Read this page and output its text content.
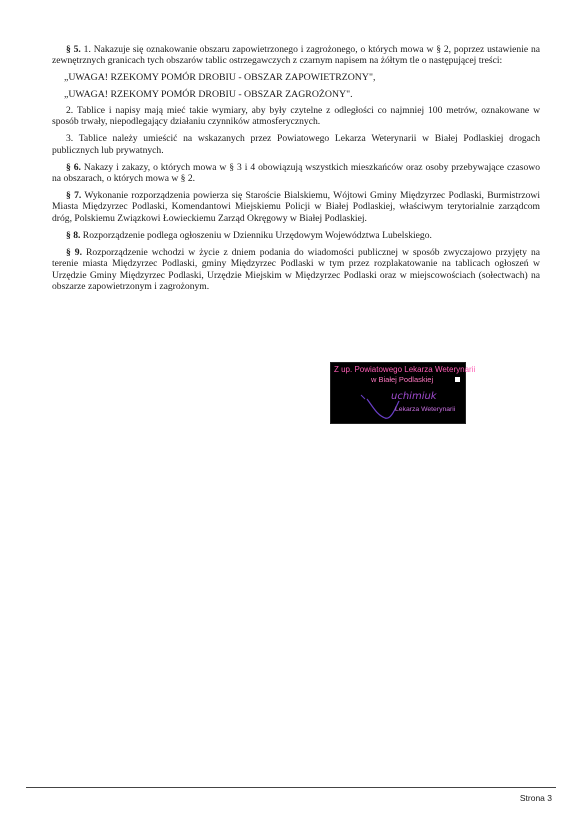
§ 5. 1. Nakazuje się oznakowanie obszaru zapowietrzonego i zagrożonego, o których mowa w § 2, poprzez ustawienie na zewnętrznych granicach tych obszarów tablic ostrzegawczych z czarnym napisem na żółtym tle o następującej treści:

„UWAGA! RZEKOMY POMÓR DROBIU - OBSZAR ZAPOWIETRZONY",

„UWAGA! RZEKOMY POMÓR DROBIU - OBSZAR ZAGROŻONY".

2. Tablice i napisy mają mieć takie wymiary, aby były czytelne z odległości co najmniej 100 metrów, oznakowane w sposób trwały, niepodlegający działaniu czynników atmosferycznych.

3. Tablice należy umieścić na wskazanych przez Powiatowego Lekarza Weterynarii w Białej Podlaskiej drogach publicznych lub prywatnych.

§ 6. Nakazy i zakazy, o których mowa w § 3 i 4 obowiązują wszystkich mieszkańców oraz osoby przebywające czasowo na obszarach, o których mowa w § 2.

§ 7. Wykonanie rozporządzenia powierza się Staroście Bialskiemu, Wójtowi Gminy Międzyrzec Podlaski, Burmistrzowi Miasta Międzyrzec Podlaski, Komendantowi Miejskiemu Policji w Białej Podlaskiej, właściwym terytorialnie zarządcom dróg, Polskiemu Związkowi Łowieckiemu Zarząd Okręgowy w Białej Podlaskiej.

§ 8. Rozporządzenie podlega ogłoszeniu w Dzienniku Urzędowym Województwa Lubelskiego.

§ 9. Rozporządzenie wchodzi w życie z dniem podania do wiadomości publicznej w sposób zwyczajowo przyjęty na terenie miasta Międzyrzec Podlaski, gminy Międzyrzec Podlaski w tym przez rozplakatowanie na tablicach ogłoszeń w Urzędzie Gminy Międzyrzec Podlaski, Urzędzie Miejskim w Międzyrzec Podlaski oraz w miejscowościach (sołectwach) na obszarze zapowietrzonym i zagrożonym.

Z up. Powiatowego Lekarza Weterynarii
w Białej Podlaskiej
uchimiuk
Lekarza Weterynarii
Strona 3
